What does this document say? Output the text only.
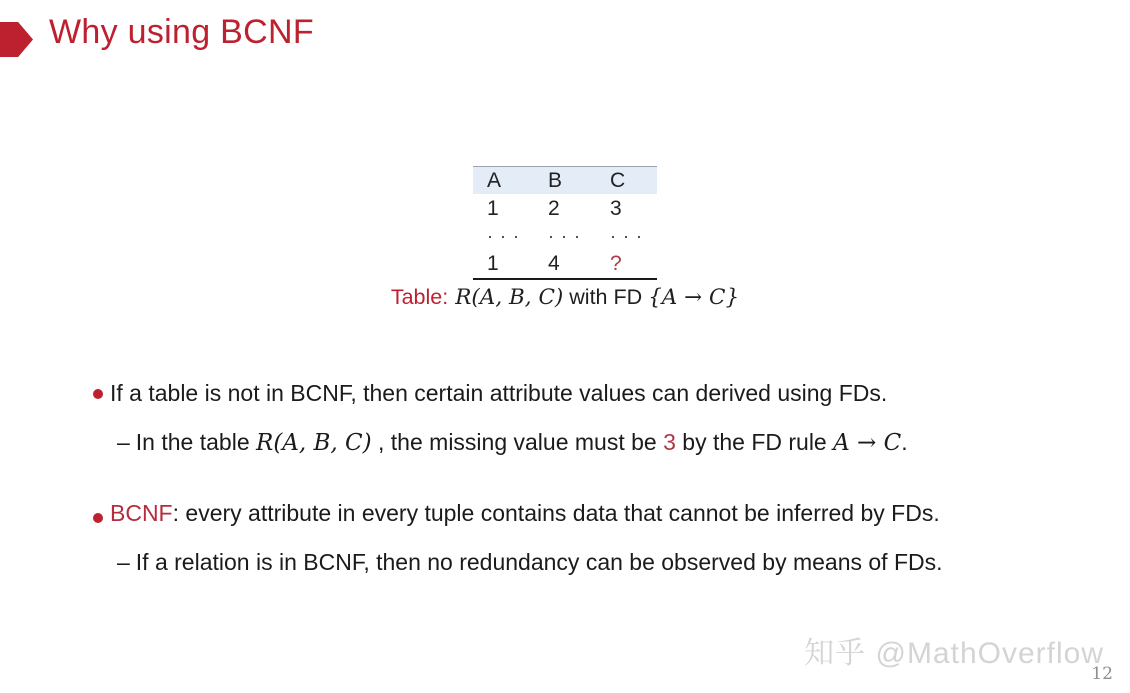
Why using BCNF
A	B	C
1	2	3
· · ·	· · ·	· · ·
1	4	?
Table: R(A, B, C) with FD {A → C}
If a table is not in BCNF, then certain attribute values can derived using FDs.
– In the table R(A, B, C) , the missing value must be 3 by the FD rule A → C.
BCNF: every attribute in every tuple contains data that cannot be inferred by FDs.
– If a relation is in BCNF, then no redundancy can be observed by means of FDs.
知乎 @MathOverflow
12
